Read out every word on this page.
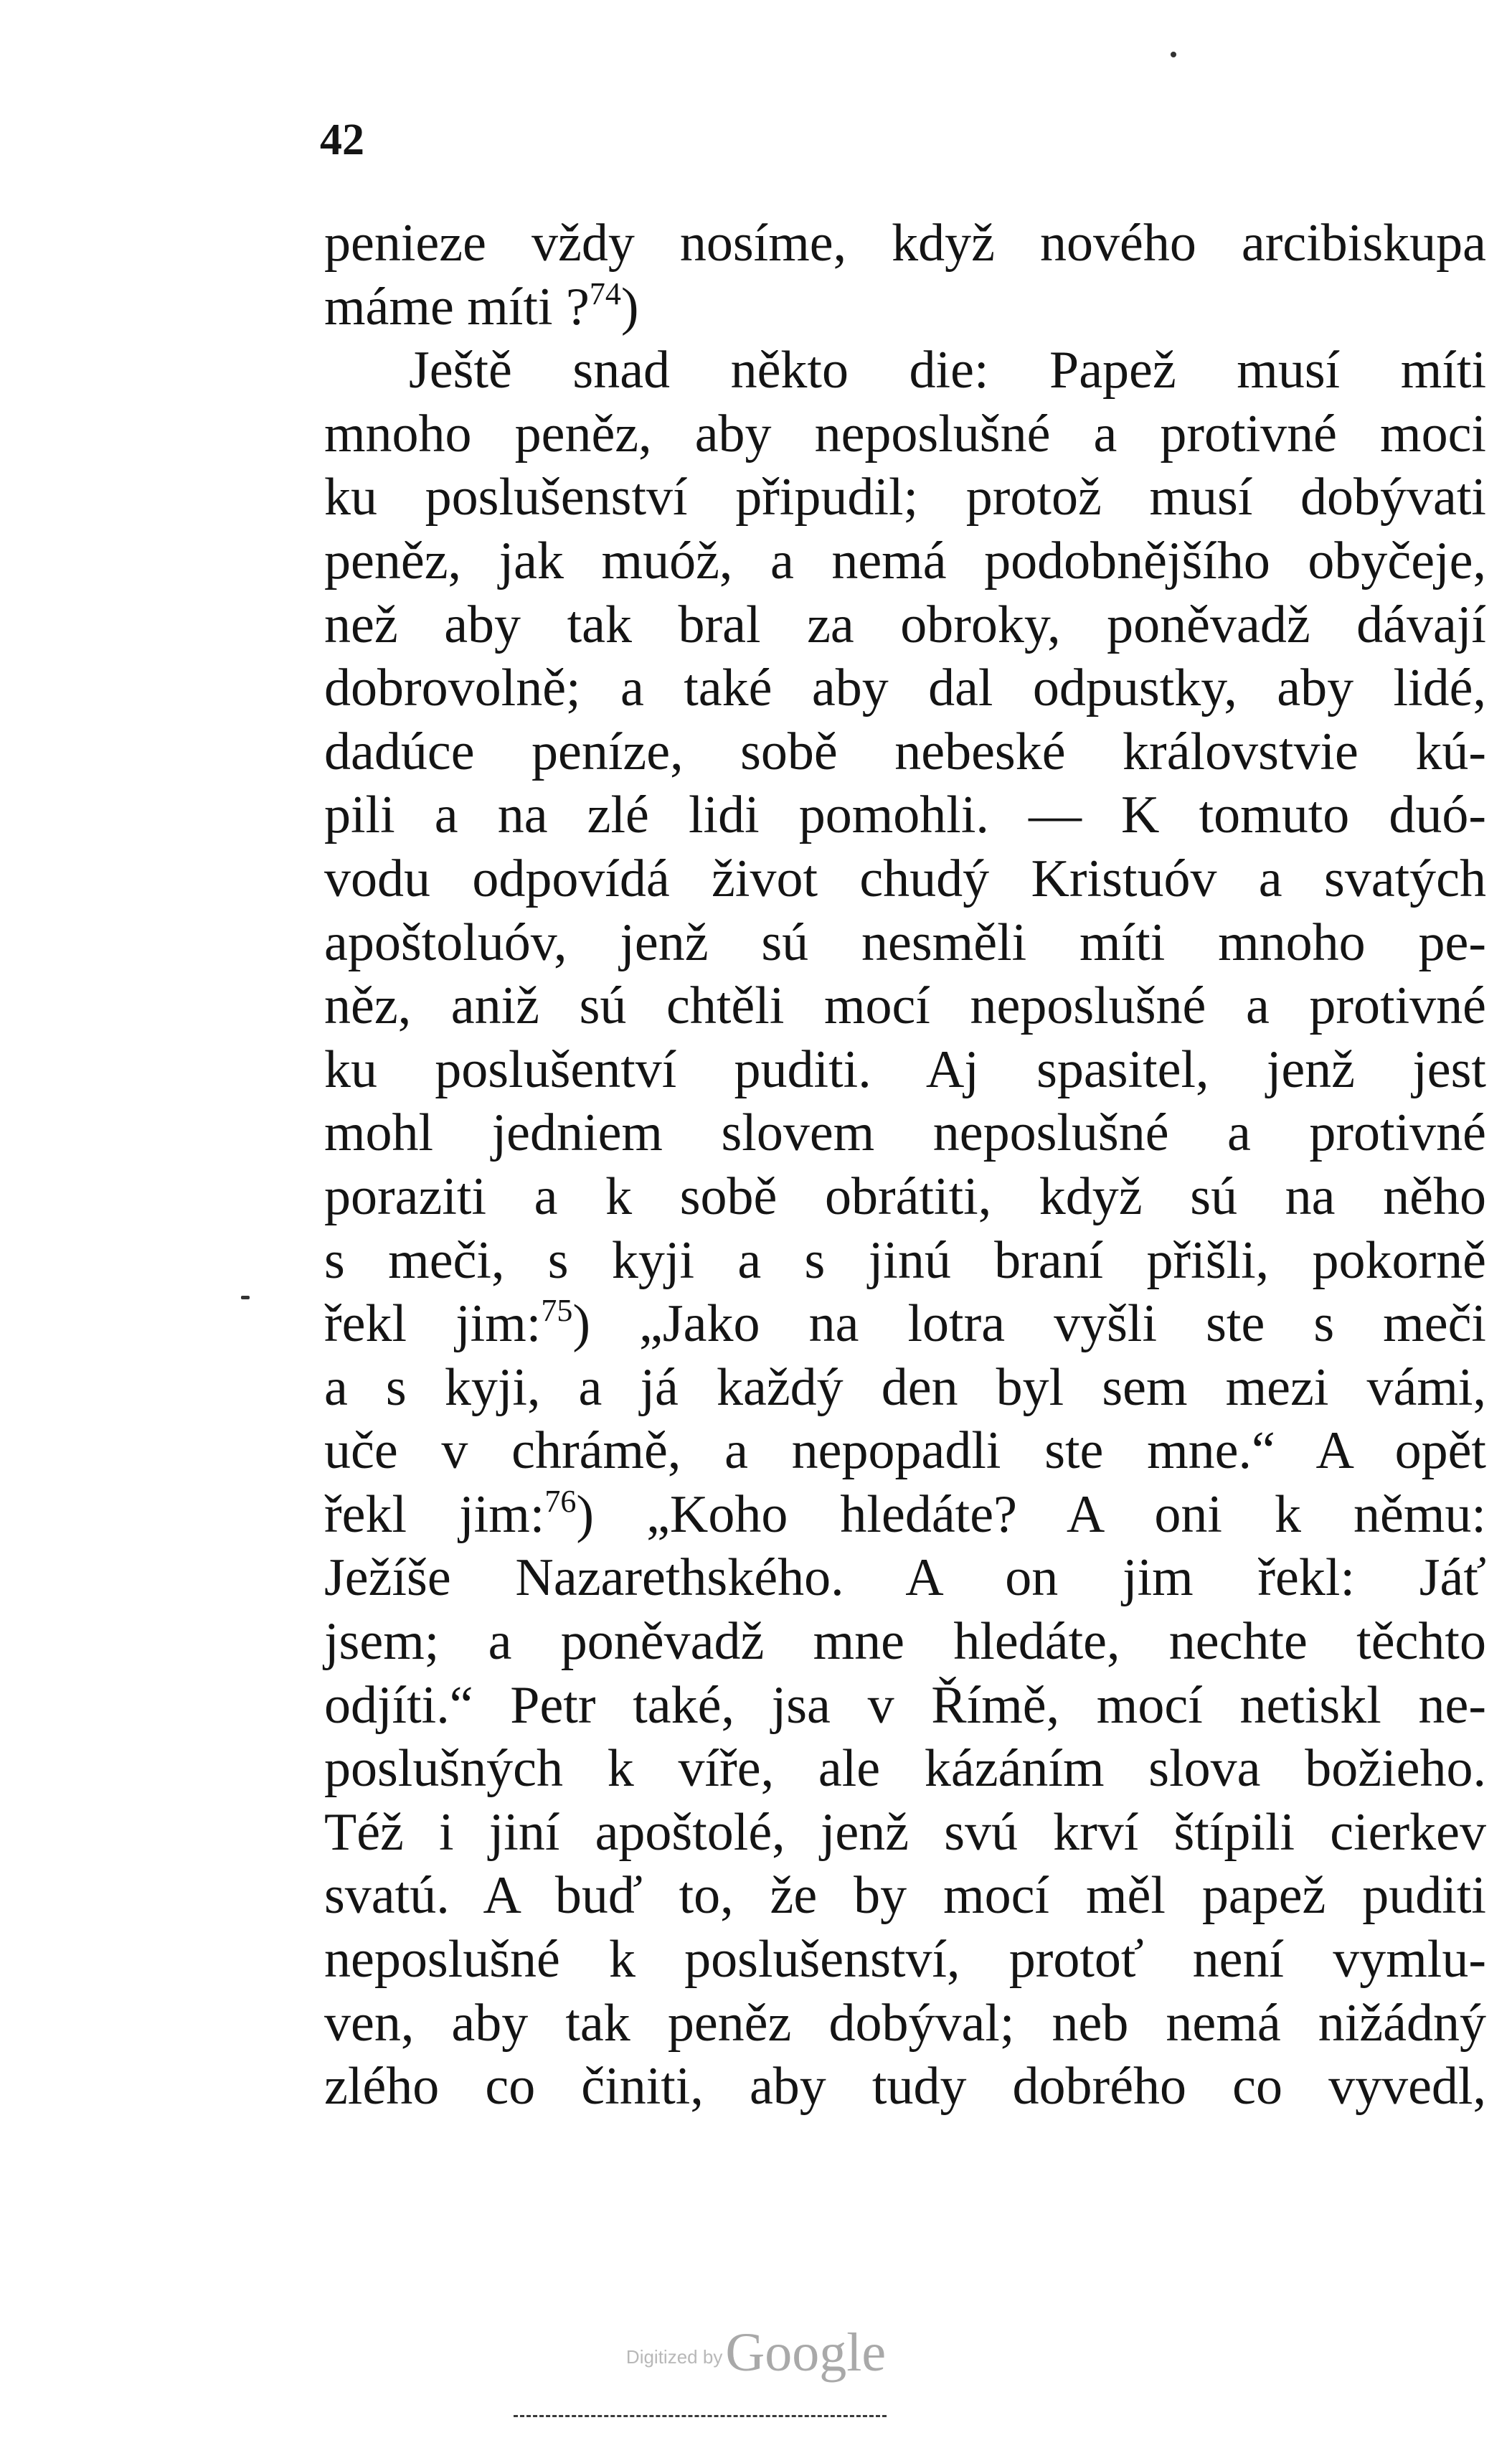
42
penieze vždy nosíme, když nového arcibiskupa
máme míti ?$^{74}$)
Ještě snad někto die: Papež musí míti
mnoho peněz, aby neposlušné a protivné moci
ku poslušenství připudil; protož musí dobývati
peněz, jak muóž, a nemá podobnějšího obyčeje,
než aby tak bral za obroky, poněvadž dávají
dobrovolně; a také aby dal odpustky, aby lidé,
dadúce peníze, sobě nebeské královstvie kú-
pili a na zlé lidi pomohli. — K tomuto duó-
vodu odpovídá život chudý Kristuóv a svatých
apoštoluóv, jenž sú nesměli míti mnoho pe-
něz, aniž sú chtěli mocí neposlušné a protivné
ku poslušentví puditi. Aj spasitel, jenž jest
mohl jedniem slovem neposlušné a protivné
poraziti a k sobě obrátiti, když sú na něho
s meči, s kyji a s jinú braní přišli, pokorně
řekl jim:$^{75}$) „Jako na lotra vyšli ste s meči
a s kyji, a já každý den byl sem mezi vámi,
uče v chrámě, a nepopadli ste mne.“ A opět
řekl jim:$^{76}$) „Koho hledáte? A oni k němu:
Ježíše Nazarethského. A on jim řekl: Jáť
jsem; a poněvadž mne hledáte, nechte těchto
odjíti.“ Petr také, jsa v Římě, mocí netiskl ne-
poslušných k víře, ale kázáním slova božieho.
Též i jiní apoštolé, jenž svú krví štípili cierkev
svatú. A buď to, že by mocí měl papež puditi
neposlušné k poslušenství, protoť není vymlu-
ven, aby tak peněz dobýval; neb nemá nižádný
zlého co činiti, aby tudy dobrého co vyvedl,
Digitized by Google
